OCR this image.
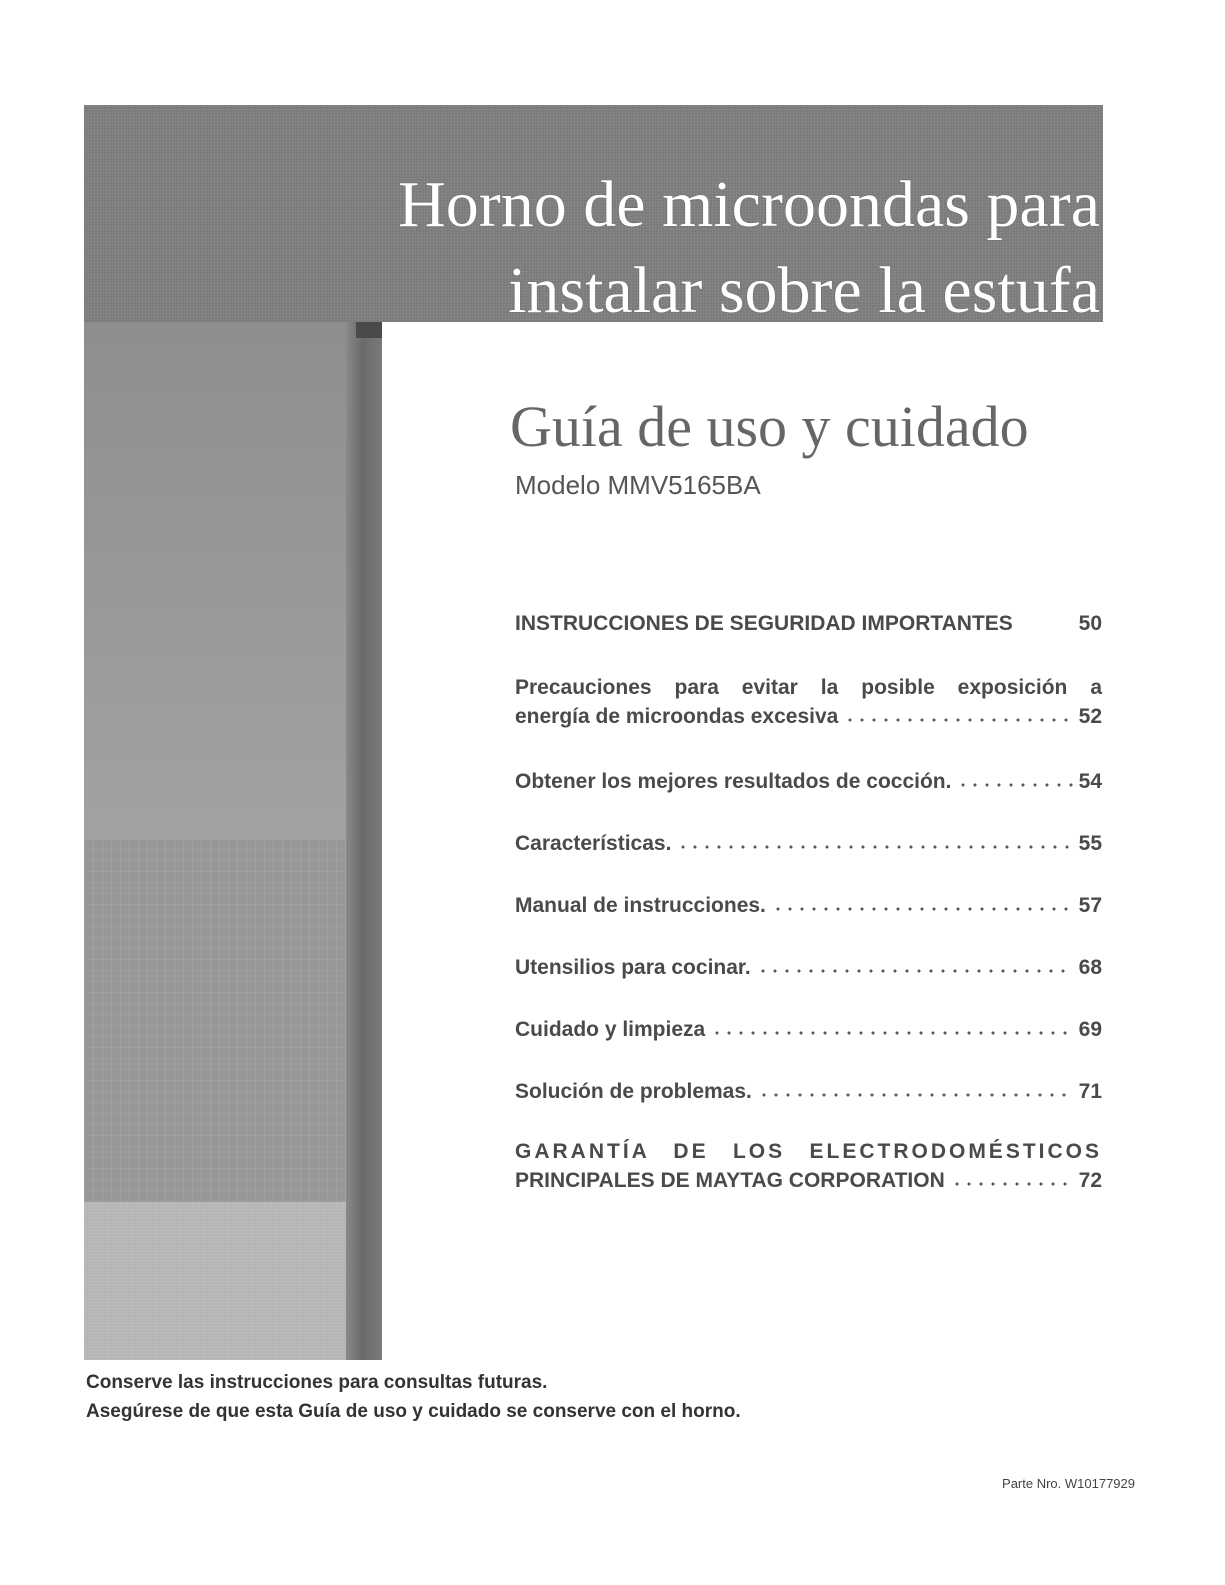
Horno de microondas para
instalar sobre la estufa
Guía de uso y cuidado
Modelo MMV5165BA
INSTRUCCIONES DE SEGURIDAD IMPORTANTES	50
Precauciones para evitar la posible exposición a
energía de microondas excesiva	52
Obtener los mejores resultados de cocción.	54
Características.	55
Manual de instrucciones.	57
Utensilios para cocinar.	68
Cuidado y limpieza	69
Solución de problemas.	71
GARANTÍA DE LOS ELECTRODOMÉSTICOS
PRINCIPALES DE MAYTAG CORPORATION	72
Conserve las instrucciones para consultas futuras.
Asegúrese de que esta Guía de uso y cuidado se conserve con el horno.
Parte Nro. W10177929
